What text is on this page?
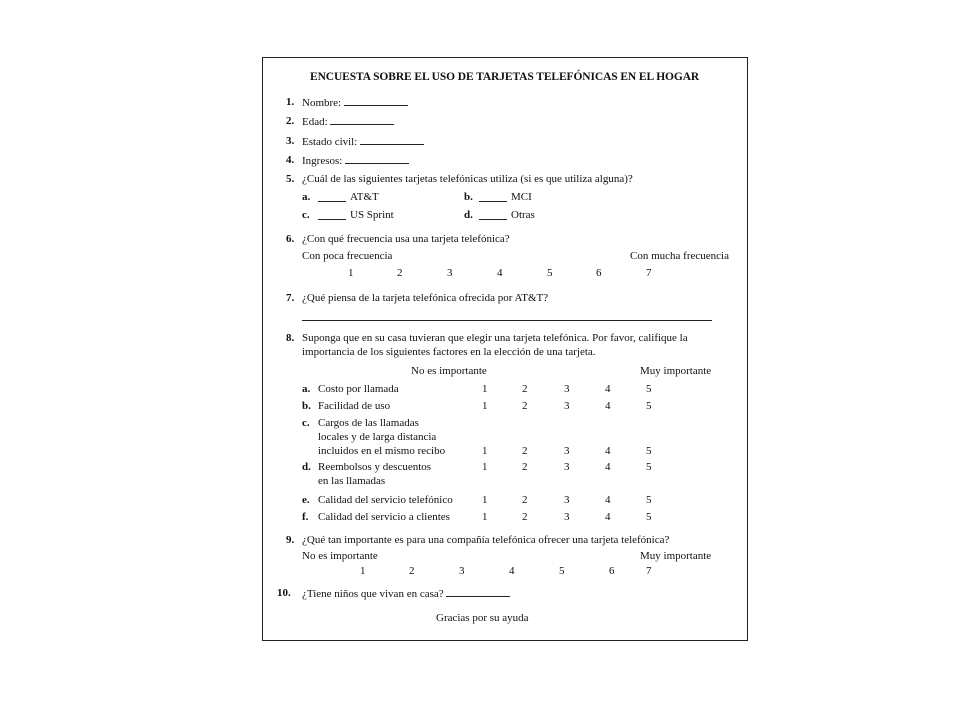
ENCUESTA SOBRE EL USO DE TARJETAS TELEFÓNICAS EN EL HOGAR
1. Nombre:
2. Edad:
3. Estado civil:
4. Ingresos:
5. ¿Cuál de las siguientes tarjetas telefónicas utiliza (si es que utiliza alguna)?
a.	AT&T	b.	MCI
c.	US Sprint	d.	Otras
6. ¿Con qué frecuencia usa una tarjeta telefónica?
Con poca frecuencia	Con mucha frecuencia
1	2	3	4	5	6	7
7. ¿Qué piensa de la tarjeta telefónica ofrecida por AT&T?
8. Suponga que en su casa tuvieran que elegir una tarjeta telefónica. Por favor, califique la
importancia de los siguientes factores en la elección de una tarjeta.
No es importante	Muy importante
a. Costo por llamada	1	2	3	4	5
b. Facilidad de uso	1	2	3	4	5
c. Cargos de las llamadas
locales y de larga distancia
incluidos en el mismo recibo	1	2	3	4	5
d. Reembolsos y descuentos
en las llamadas
1	2	3	4	5
e. Calidad del servicio telefónico	1	2	3	4	5
f. Calidad del servicio a clientes	1	2	3	4	5
9. ¿Qué tan importante es para una compañía telefónica ofrecer una tarjeta telefónica?
No es importante	Muy importante
1	2	3	4	5	6	7
10. ¿Tiene niños que vivan en casa?
Gracias por su ayuda
